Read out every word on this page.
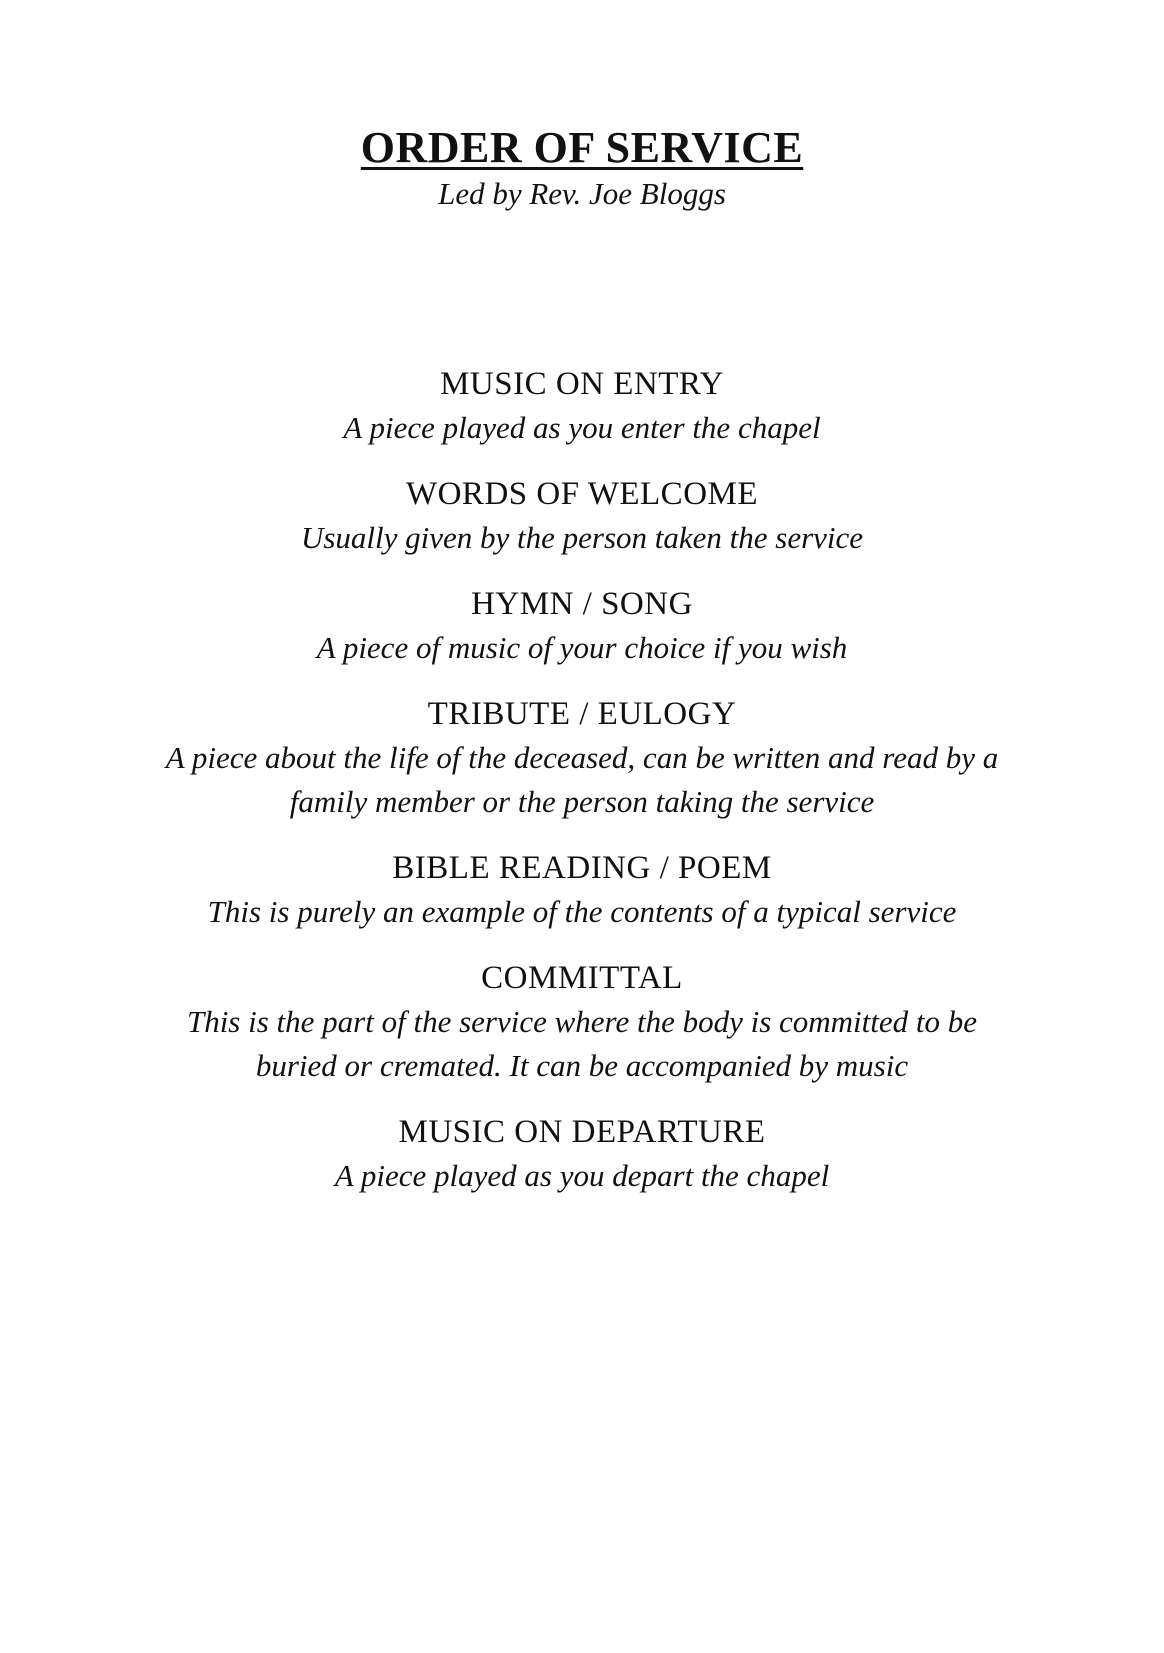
ORDER OF SERVICE

Led by Rev. Joe Bloggs

MUSIC ON ENTRY

A piece played as you enter the chapel

WORDS OF WELCOME

Usually given by the person taken the service

HYMN / SONG

A piece of music of your choice if you wish

TRIBUTE / EULOGY

A piece about the life of the deceased, can be written and read by a

family member or the person taking the service

BIBLE READING / POEM

This is purely an example of the contents of a typical service

COMMITTAL

This is the part of the service where the body is committed to be

buried or cremated. It can be accompanied by music

MUSIC ON DEPARTURE

A piece played as you depart the chapel
